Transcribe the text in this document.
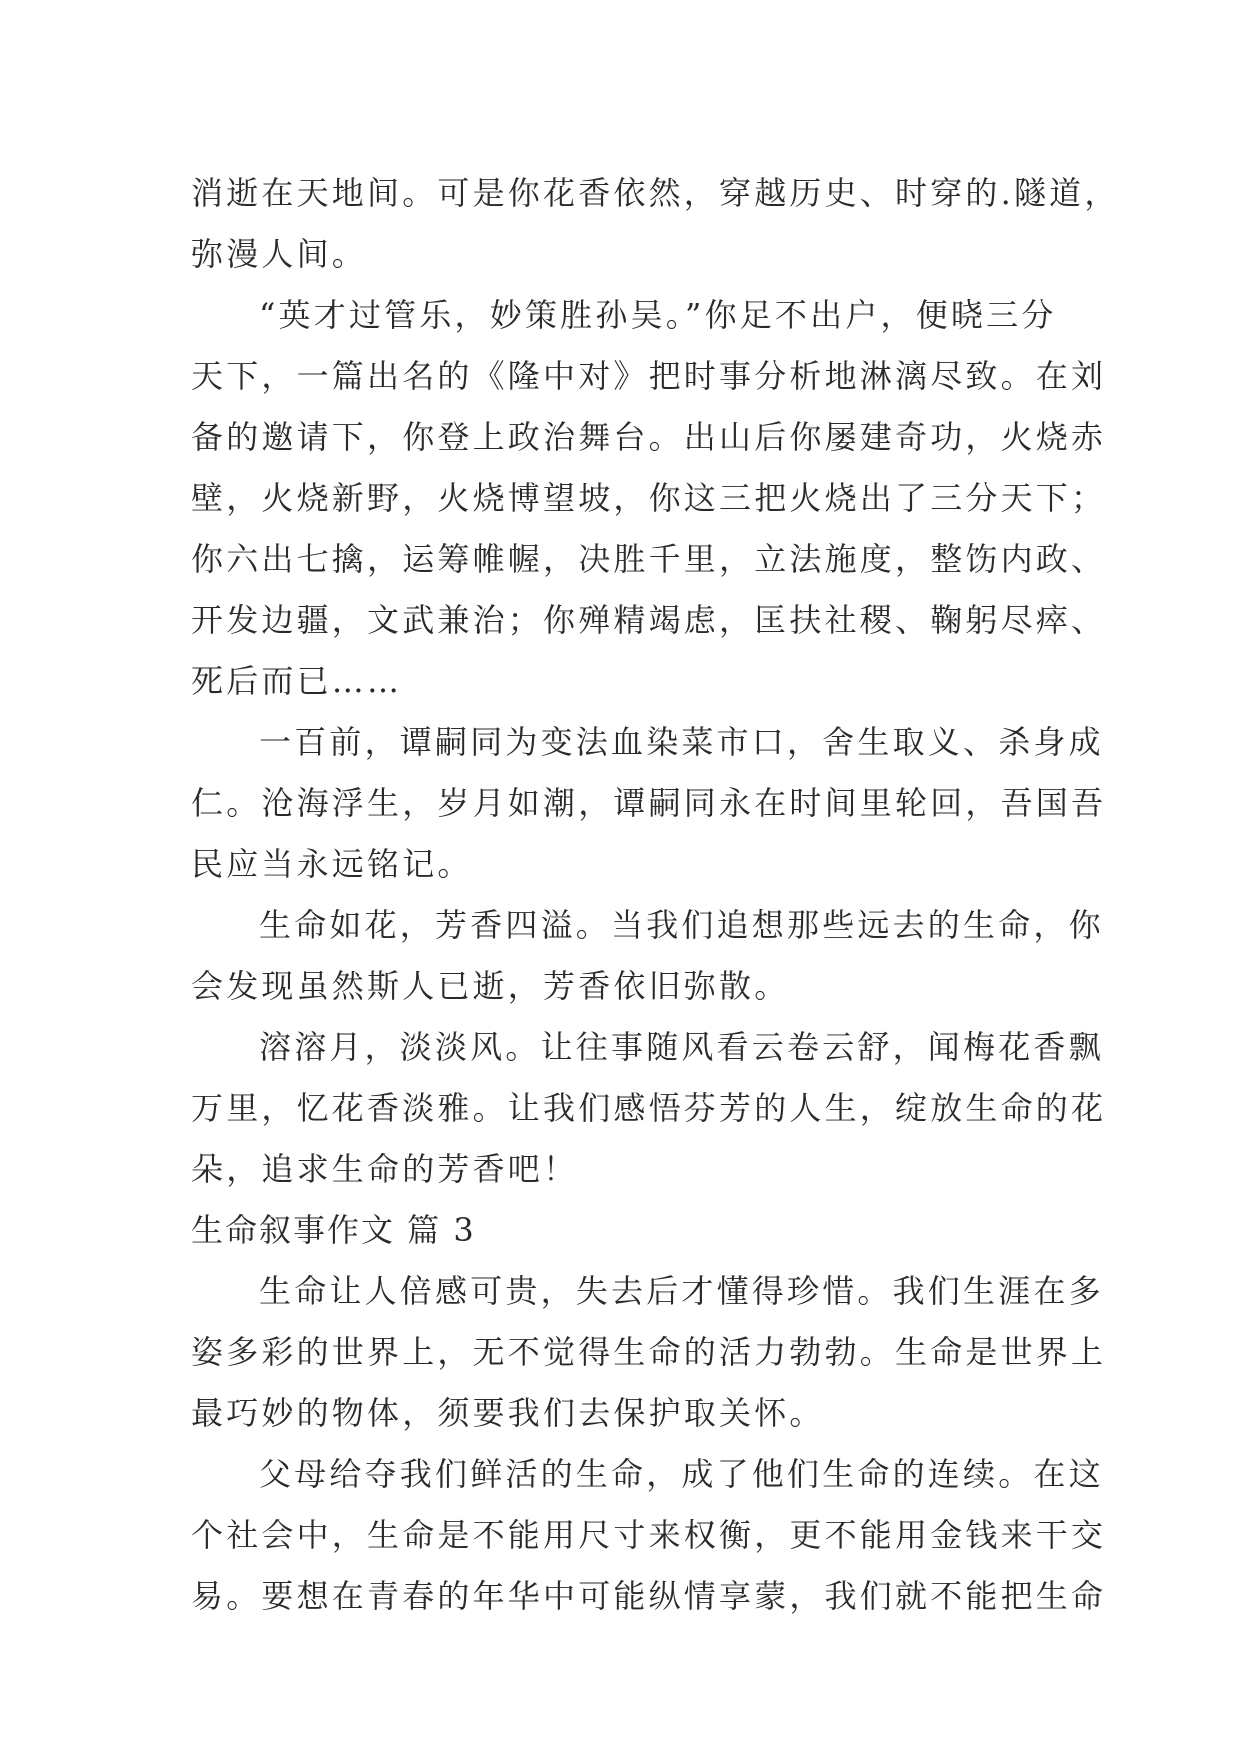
消逝在天地间。可是你花香依然，穿越历史、时穿的.隧道，
弥漫人间。
“英才过管乐，妙策胜孙吴。”你足不出户，便晓三分
天下，一篇出名的《隆中对》把时事分析地淋漓尽致。在刘
备的邀请下，你登上政治舞台。出山后你屡建奇功，火烧赤
壁，火烧新野，火烧博望坡，你这三把火烧出了三分天下；
你六出七擒，运筹帷幄，决胜千里，立法施度，整饬内政、
开发边疆，文武兼治；你殚精竭虑，匡扶社稷、鞠躬尽瘁、
死后而已……
一百前，谭嗣同为变法血染菜市口，舍生取义、杀身成
仁。沧海浮生，岁月如潮，谭嗣同永在时间里轮回，吾国吾
民应当永远铭记。
生命如花，芳香四溢。当我们追想那些远去的生命，你
会发现虽然斯人已逝，芳香依旧弥散。
溶溶月，淡淡风。让往事随风看云卷云舒，闻梅花香飘
万里，忆花香淡雅。让我们感悟芬芳的人生，绽放生命的花
朵，追求生命的芳香吧！
生命叙事作文 篇 3
生命让人倍感可贵，失去后才懂得珍惜。我们生涯在多
姿多彩的世界上，无不觉得生命的活力勃勃。生命是世界上
最巧妙的物体，须要我们去保护取关怀。
父母给夺我们鲜活的生命，成了他们生命的连续。在这
个社会中，生命是不能用尺寸来权衡，更不能用金钱来干交
易。要想在青春的年华中可能纵情享蒙，我们就不能把生命
